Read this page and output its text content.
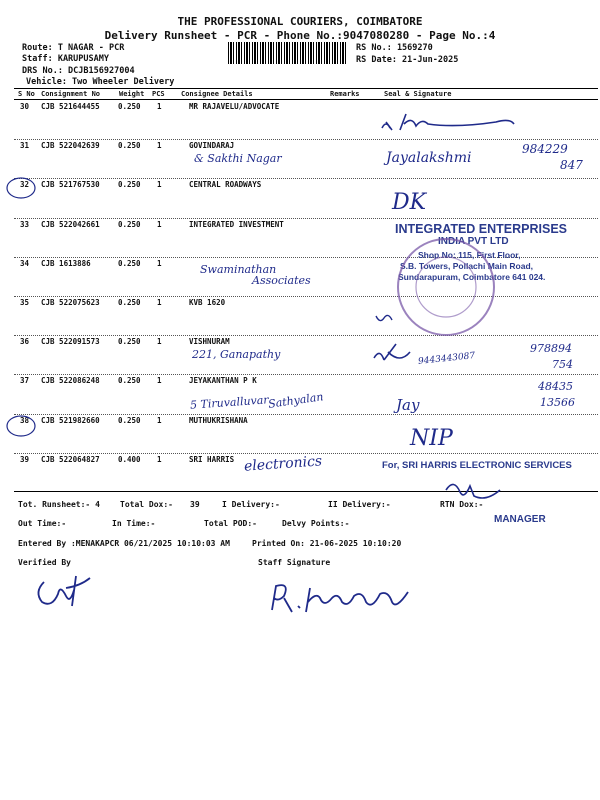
THE PROFESSIONAL COURIERS, COIMBATORE
Delivery Runsheet - PCR - Phone No.:9047080280 - Page No.:4
Route: T NAGAR - PCR
Staff: KARUPUSAMY
DRS No.: DCJB156927004
Vehicle: Two Wheeler Delivery
RS No.: 1569270
RS Date: 21-Jun-2025
S No Consignment No	Weight PCS Consignee Details	Remarks	Seal & Signature
30 CJB 521644455 0.250 1	MR RAJAVELU/ADVOCATE
31 CJB 522042639 0.250 1	GOVINDARAJ
32 CJB 521767530 0.250 1	CENTRAL ROADWAYS
33 CJB 522042661 0.250 1	INTEGRATED INVESTMENT
34 CJB 1613886	0.250 1
35 CJB 522075623 0.250 1	KVB 1620
36 CJB 522091573 0.250 1	VISHNURAM
37 CJB 522086248 0.250 1	JEYAKANTHAN P K
38 CJB 521982660 0.250 1	MUTHUKRISHANA
39 CJB 522064827 0.400 1	SRI HARRIS
& Sakthi Nagar	Jayalakshmi
984229
847
DK
Swaminathan
Associates
INTEGRATED ENTERPRISES
INDIA PVT LTD
Shop No: 115, First Floor,
S.B. Towers, Pollachi Main Road,
Sundarapuram, Coimbatore 641 024.
221, Ganapathy	9443443087
978894
754
5 Tiruvalluvar
Sathyalan	Jay
48435
13566
NIP
electronics	For, SRI HARRIS ELECTRONIC SERVICES
Tot. Runsheet:- 4	Total Dox:- 39	I Delivery:-	II Delivery:-	RTN Dox:-
MANAGER
Out Time:-	In Time:-	Total POD:-	Delvy Points:-
Entered By :MENAKAPCR 06/21/2025 10:10:03 AM	Printed On: 21-06-2025 10:10:20
Verified By	Staff Signature
